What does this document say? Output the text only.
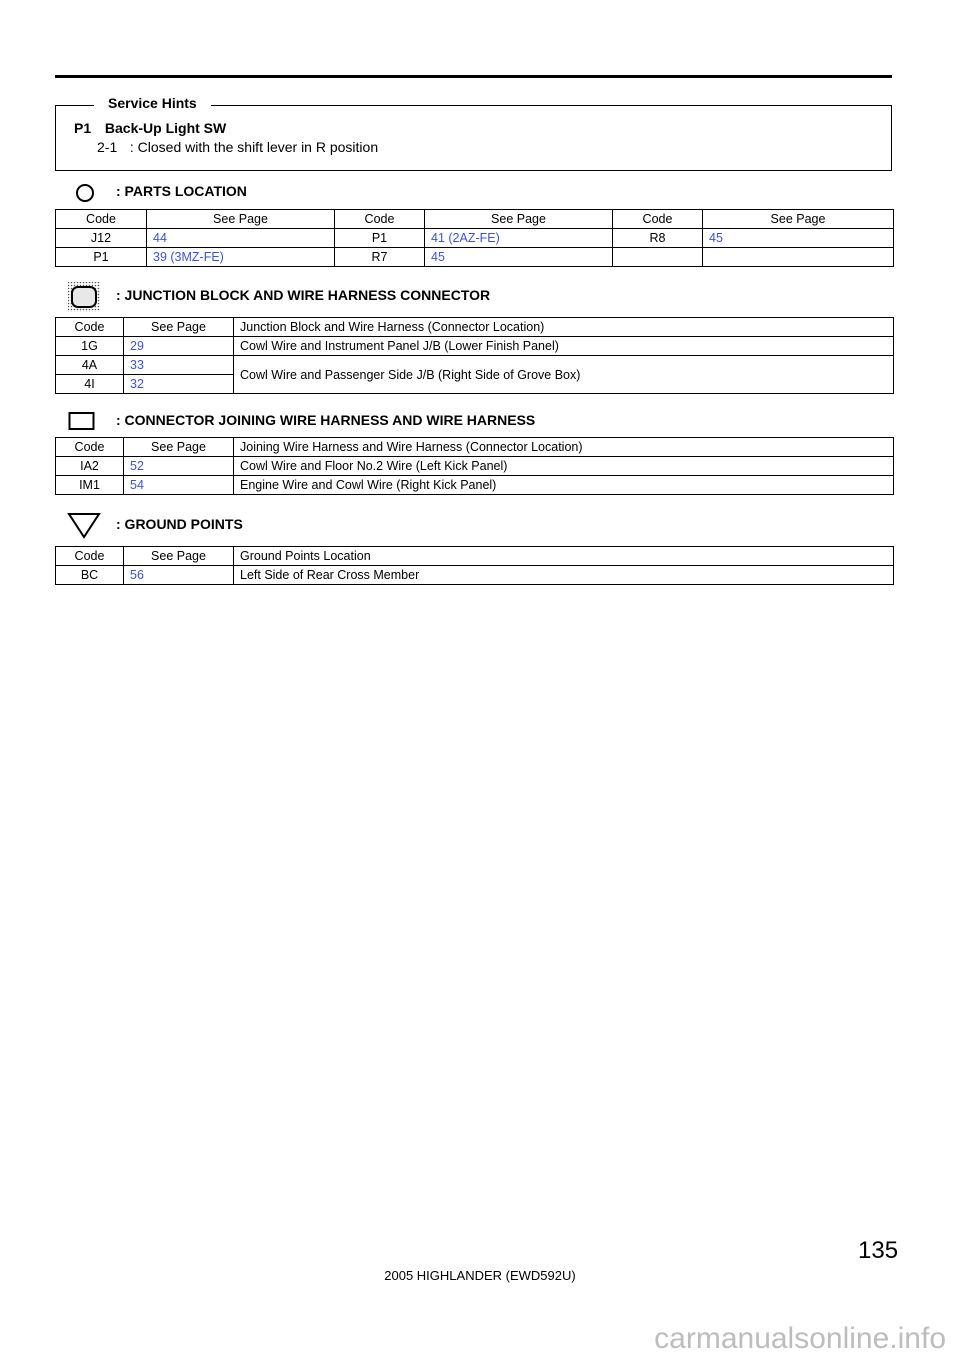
Service Hints
P1 Back-Up Light SW
2-1 : Closed with the shift lever in R position
: PARTS LOCATION
Code	See Page	Code	See Page	Code	See Page
J12	44	P1	41 (2AZ-FE)	R8	45
P1	39 (3MZ-FE)	R7	45		
: JUNCTION BLOCK AND WIRE HARNESS CONNECTOR
Code	See Page	Junction Block and Wire Harness (Connector Location)
1G	29	Cowl Wire and Instrument Panel J/B (Lower Finish Panel)
4A	33	Cowl Wire and Passenger Side J/B (Right Side of Grove Box)
4I	32	
: CONNECTOR JOINING WIRE HARNESS AND WIRE HARNESS
Code	See Page	Joining Wire Harness and Wire Harness (Connector Location)
IA2	52	Cowl Wire and Floor No.2 Wire (Left Kick Panel)
IM1	54	Engine Wire and Cowl Wire (Right Kick Panel)
: GROUND POINTS
Code	See Page	Ground Points Location
BC	56	Left Side of Rear Cross Member
135
2005 HIGHLANDER (EWD592U)
carmanualsonline.info
